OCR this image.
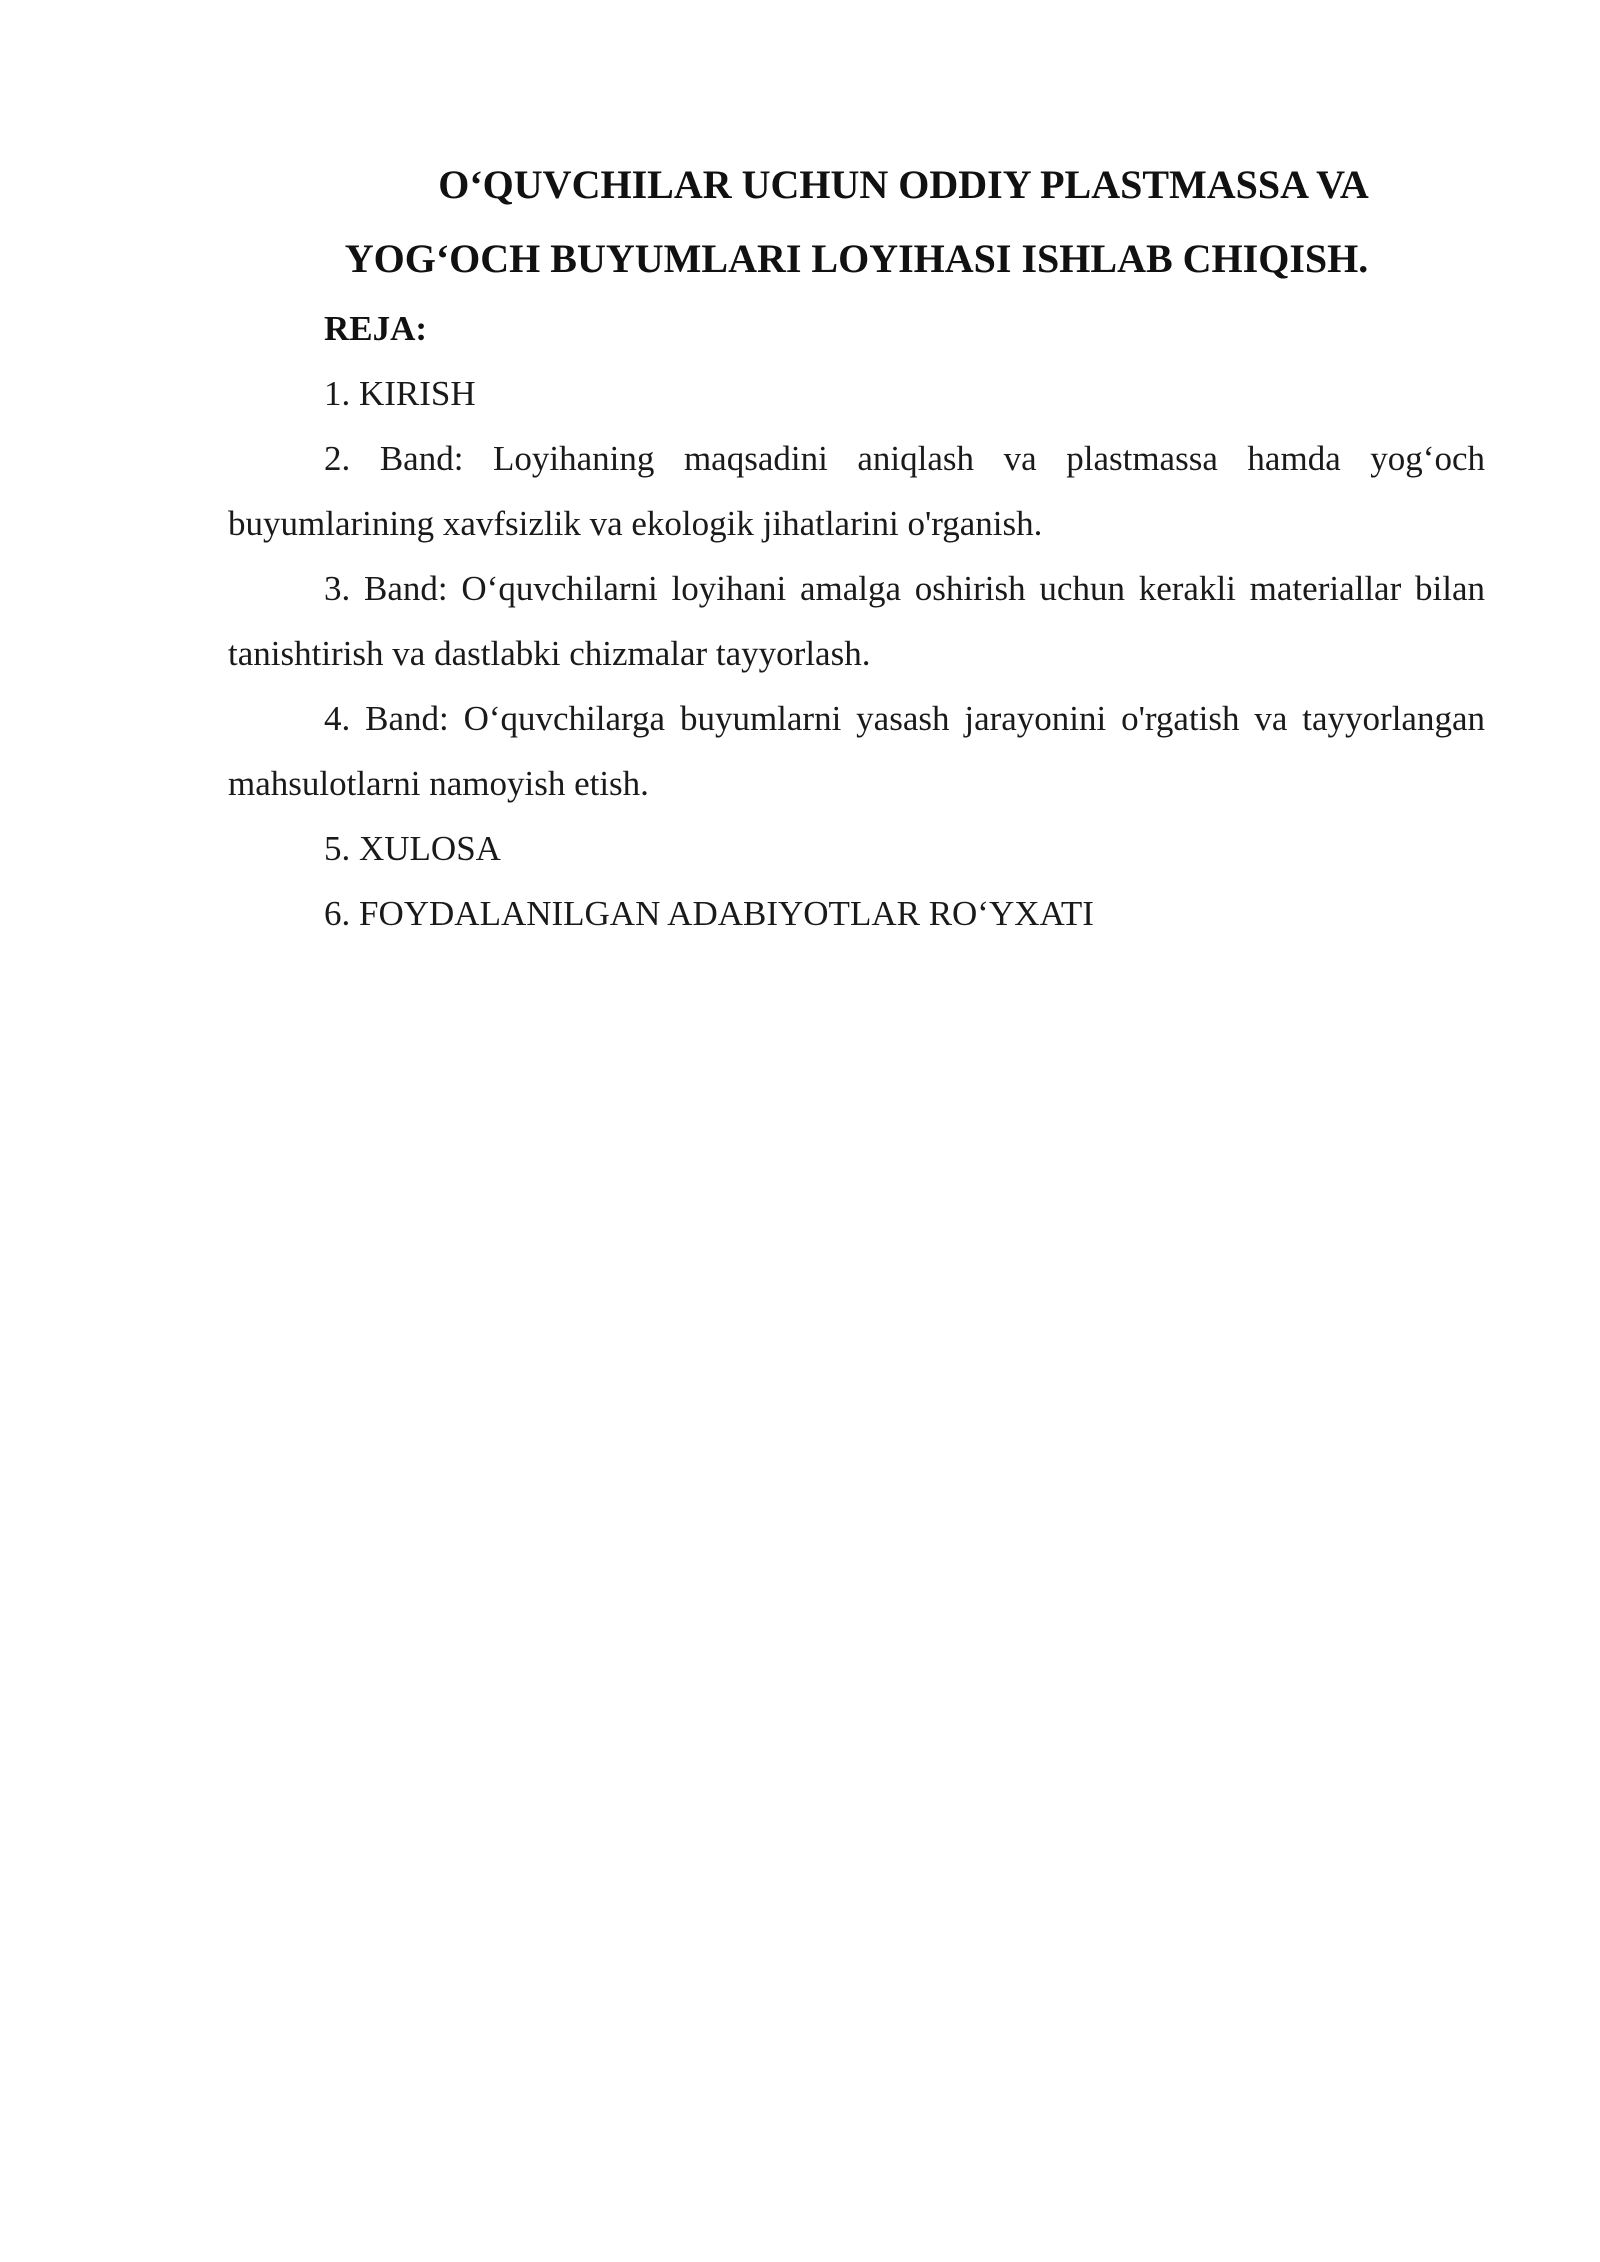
O‘QUVCHILAR UCHUN ODDIY PLASTMASSA VA
YOG‘OCH BUYUMLARI LOYIHASI ISHLAB CHIQISH.

REJA:

1. KIRISH

2. Band: Loyihaning maqsadini aniqlash va plastmassa hamda yog‘och buyumlarining xavfsizlik va ekologik jihatlarini o'rganish.

3. Band: O‘quvchilarni loyihani amalga oshirish uchun kerakli materiallar bilan tanishtirish va dastlabki chizmalar tayyorlash.

4. Band: O‘quvchilarga buyumlarni yasash jarayonini o'rgatish va tayyorlangan mahsulotlarni namoyish etish.

5. XULOSA

6. FOYDALANILGAN ADABIYOTLAR RO‘YXATI
